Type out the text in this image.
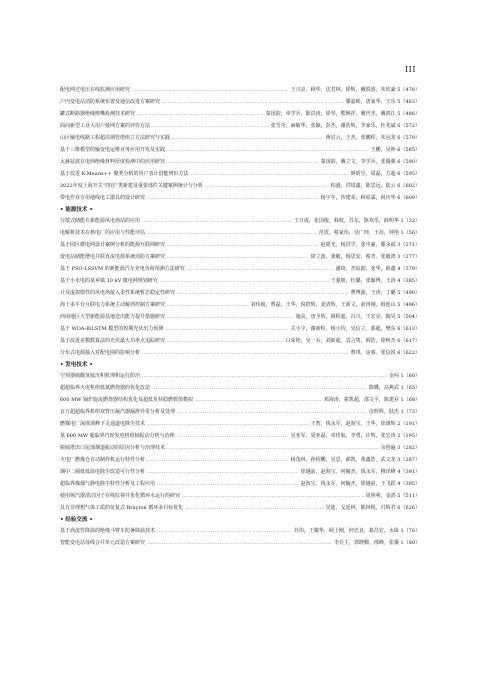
III
配电网过电压在线监测应用研究 ……………………………………………………………………………………………………………………………………………………………………………………………………………………	王兴亮，顾华，沈君林，徐辉，戴锐波，朱钦豪 5（478）
户内变电站消防系统布置及通信改进方案研究 ……………………………………………………………………………………………………………………………………………………………………………………………………………………	滕嘉彬，唐家华，王乐 5（483）
罐式断路器绝缘喷嘴检测技术研究 ……………………………………………………………………………………………………………………………………………………………………………………………………………………	秦国韵，章学兵，陈洪涛，徐琴，熊焕祥，戴世杰，戴鸿江 5（486）
面向新型工业大用户接网方案的评价方法 ……………………………………………………………………………………………………………………………………………………………………………………………………………………	张雪莹，麻敏华，张颖，彭杰，谢浩辉，李家乐，杜兆斌 6（572）
山区输电线路工程超高钢管塔组立方法研究与实践 ……………………………………………………………………………………………………………………………………………………………………………………………………………………	蒋启云，王杰，张鹏程，朱冠龙 6（579）
基于三维模型的输变电运维业务应用开发及实践 ……………………………………………………………………………………………………………………………………………………………………………………………………………………	王鹏，吴坤 6（585）
太赫兹波在电网绝缘材料厚度检测中的应用研究 ……………………………………………………………………………………………………………………………………………………………………………………………………………………	秦国韵，戴立文，李学兵，张腾翼 6（590）
基于改进 K-Means++ 聚类分析的用户表计借能辨识方法 ……………………………………………………………………………………………………………………………………………………………………………………………………………………	颜昕昱，周磊，方超 6（595）
2022年度上海开关“四官”类新建及重要部件关键案例统计与分析 ……………………………………………………………………………………………………………………………………………………………………………………………………………………	柏盛，洪琦鑫，陈思远，陆云 6（602）
带电作业专用地线电工器具的设计研究 ……………………………………………………………………………………………………………………………………………………………………………………………………………………	杨宇冬，沙建荣，顾原霖，祝庆华 6（609）
• 能源技术 •
分散式储能在新能源风电场站的应用 ……………………………………………………………………………………………………………………………………………………………………………………………………………………	王日成，张国俊，韩权，苏东，陈欢乐，薛明华 1（32）
电解析技术在核电厂的应用与性能评估 ……………………………………………………………………………………………………………………………………………………………………………………………………………………	范震，蔡家伟，吴广坤，王蓓，钟艳 1（56）
基于园区微电网设计案例分析的能源互联网研究 ……………………………………………………………………………………………………………………………………………………………………………………………………………………	赵银光，杨洪学，张中豪，滕永福 3（271）
变电站储能增电并联直流电源系统消防方案研究 ……………………………………………………………………………………………………………………………………………………………………………………………………………………	徐立波，龚敏，杨思安，蔡青，张毅鸿 3（277）
基于 PSO-LSSVM 的新能源汽车充电负荷预测方法研究 ……………………………………………………………………………………………………………………………………………………………………………………………………………………	潘琦，杰宸朗，张华，薛鑫 4（379）
基于小水电的某乡镇 10 kV 微电网规划研究 ……………………………………………………………………………………………………………………………………………………………………………………………………………………	王强朋，杜璐，张颖博，王涛 4（385）
计及虚拟惯性的风电场接入柔性系统暂态稳定性研究 ……………………………………………………………………………………………………………………………………………………………………………………………………………………	曹博源，王涛，丁璐 5（490）
海上多平台互联电力系统主动解列控制方案研究 ……………………………………………………………………………………………………………………………………………………………………………………………………………………	刘伟航，曹磊，王华，倪群辉，姜清辉，王新文，俞再刚，韩连山 5（496）
西南地区大型新能源基地送出能力提升措施研究 ……………………………………………………………………………………………………………………………………………………………………………………………………………………	施高，唐圣辉，姚程超，冯兴，王宏亮，陶昊 5（504）
基于 WOA-BiLSTM 模型的短期光伏出力预测 ……………………………………………………………………………………………………………………………………………………………………………………………………………………	关小宇，谢新程，杨小均，吴信立，郭超，樊东 6（613）
基于改进差模数算法的光伏最大功率点追踪研究 ……………………………………………………………………………………………………………………………………………………………………………………………………………………	白荣艳，吴一石，刘新超，袁言隽，韩浩，徐秋杰 6（617）
分布式电源接入对配电网的影响分析 ……………………………………………………………………………………………………………………………………………………………………………………………………………………	曹琪，房睿，张信锐 6（622）
• 发电技术 •
空预器硫酸氢铵沉积机理和运行防治 ……………………………………………………………………………………………………………………………………………………………………………………………………………………	金闯 1（60）
超超临界火电机组低氮燃烧器的优化改造 ……………………………………………………………………………………………………………………………………………………………………………………………………………………	陈蝶，高燕武 1（65）
600 MW 锅炉旋流燃烧器结构优化及超低负荷稳燃数值模拟 ……………………………………………………………………………………………………………………………………………………………………………………………………………………	邓海涛，霍凯超，邵文平，陈建业 1（68）
百万超超临界机组双背压凝汽器漏泄异常分析及处理 ……………………………………………………………………………………………………………………………………………………………………………………………………………………	彦辉辉，陆杰 1（73）
燃煤电厂深度调峰下灵通道电除尘技术 ……………………………………………………………………………………………………………………………………………………………………………………………………………………	王智，钱永军，赵海宝，王华，徐雄辉 2（191）
某 600 MW 超临界汽轮发电机组轴振动分析与治理 ……………………………………………………………………………………………………………………………………………………………………………………………………………………	吴亚军，夏亚磊，章佳航，李勇，许辉，张宏涛 2（195）
脱硫塔出口尾部烟道振动的原因分析与治理技术 ……………………………………………………………………………………………………………………………………………………………………………………………………………………	余创遍 3（282）
火电厂燃煤仓自动制样机运行特性分析 ……………………………………………………………………………………………………………………………………………………………………………………………………………………	杨茂林，孙绍鹏，吴思，郝凯，黄鑫浩，武文龙 3（287）
烟中二圈低低温电除尘改造可行性分析 ……………………………………………………………………………………………………………………………………………………………………………………………………………………	徐越前，赵海宝，何毓杰，钱永军，穆泽峰 4（391）
超临界煤烟气静电除尘特性分析及工程应用 ……………………………………………………………………………………………………………………………………………………………………………………………………………………	赵海宝，钱永军，何毓杰，徐越前，王飞跃 4（395）
使用频汽器清洁因子在线监视并优化循环水运行的研究 ……………………………………………………………………………………………………………………………………………………………………………………………………………………	周照利，金鸽 5（511）
具有非理想气体工质的征复式 Brayton 循环多目标优化 ……………………………………………………………………………………………………………………………………………………………………………………………………………………	吴迪，戈延林，陈林根，冯辉君 6（626）
• 经验交流 •
基于涡流管降温的绝缘斗臂车防暑降温技术 ……………………………………………………………………………………………………………………………………………………………………………………………………………………	苏伟，王耀华，顾士刚，何忠良，葛昌宏，水缉 1（76）
智能变电站母线合并单元改造方案研究 ……………………………………………………………………………………………………………………………………………………………………………………………………………………	李亮主，郭晓卿，邢峰，张骥 1（80）
